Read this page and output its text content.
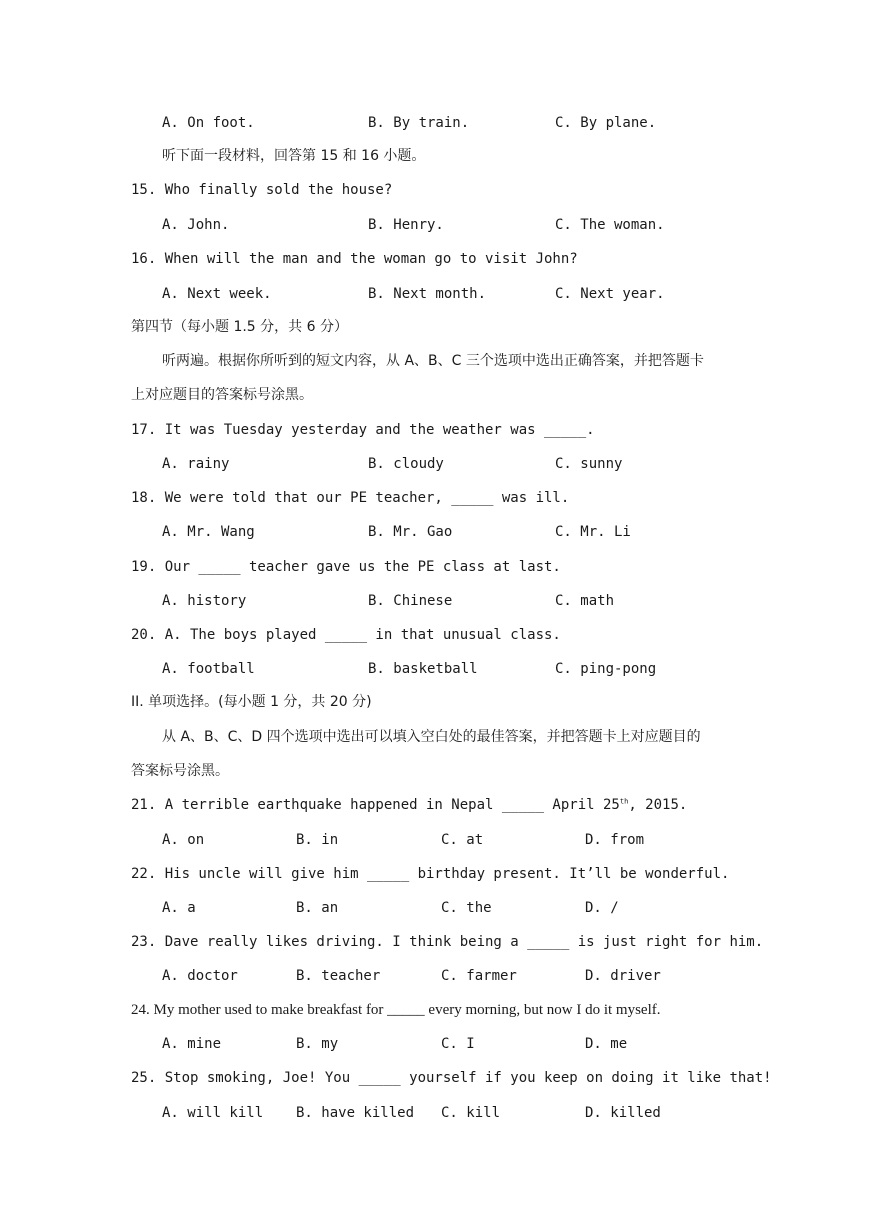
A. On foot.	B. By train.	C. By plane.
听下面一段材料，回答第 15 和 16 小题。
15. Who finally sold the house?
A. John.	B. Henry.	C. The woman.
16. When will the man and the woman go to visit John?
A. Next week.	B. Next month.	C. Next year.
第四节（每小题 1.5 分，共 6 分）
听两遍。根据你所听到的短文内容，从 A、B、C 三个选项中选出正确答案，并把答题卡
上对应题目的答案标号涂黑。
17. It was Tuesday yesterday and the weather was _____.
A. rainy	B. cloudy	C. sunny
18. We were told that our PE teacher, _____ was ill.
A. Mr. Wang	B. Mr. Gao	C. Mr. Li
19. Our _____ teacher gave us the PE class at last.
A. history	B. Chinese	C. math
20. A. The boys played _____ in that unusual class.
A. football	B. basketball	C. ping-pong
II. 单项选择。(每小题 1 分，共 20 分)
从 A、B、C、D 四个选项中选出可以填入空白处的最佳答案，并把答题卡上对应题目的
答案标号涂黑。
21. A terrible earthquake happened in Nepal _____ April 25th, 2015.
A. on	B. in	C. at	D. from
22. His uncle will give him _____ birthday present. It’ll be wonderful.
A. a	B. an	C. the	D. /
23. Dave really likes driving. I think being a _____ is just right for him.
A. doctor	B. teacher	C. farmer	D. driver
24. My mother used to make breakfast for _____ every morning, but now I do it myself.
A. mine	B. my	C. I	D. me
25. Stop smoking, Joe! You _____ yourself if you keep on doing it like that!
A. will kill B. have killed C. kill	D. killed
